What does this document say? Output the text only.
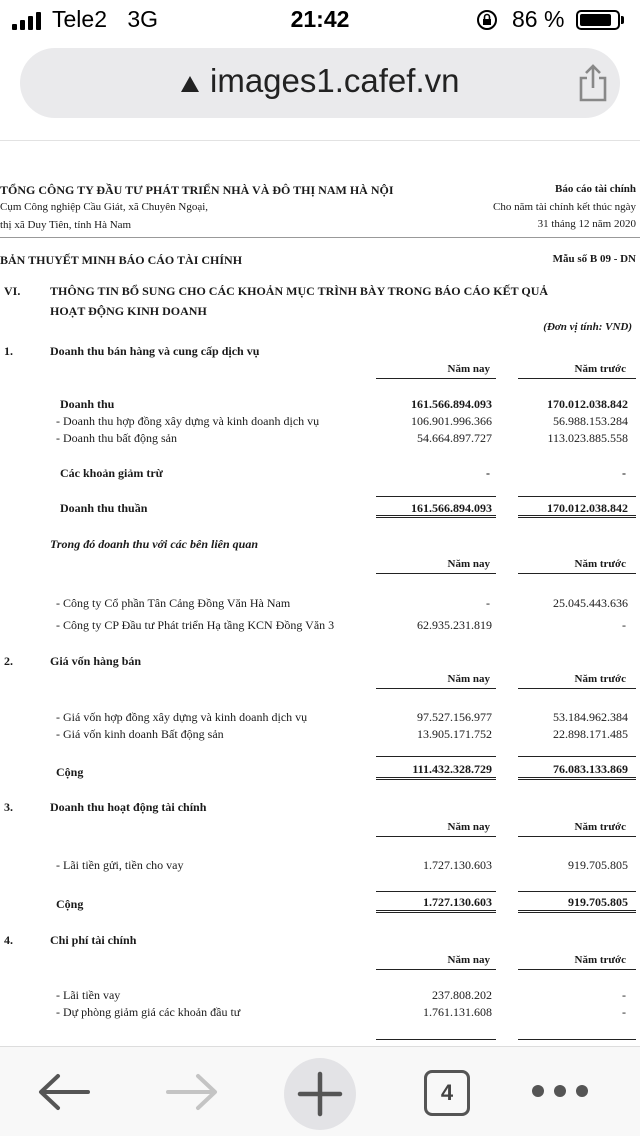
Tele2 3G	21:42	86 %
images1.cafef.vn
TỔNG CÔNG TY ĐẦU TƯ PHÁT TRIỂN NHÀ VÀ ĐÔ THỊ NAM HÀ NỘI
Cụm Công nghiệp Cầu Giát, xã Chuyên Ngoại,
thị xã Duy Tiên, tỉnh Hà Nam
Báo cáo tài chính
Cho năm tài chính kết thúc ngày
31 tháng 12 năm 2020
BẢN THUYẾT MINH BÁO CÁO TÀI CHÍNH	Mẫu số B 09 - DN
VI. THÔNG TIN BỔ SUNG CHO CÁC KHOẢN MỤC TRÌNH BÀY TRONG BÁO CÁO KẾT QUẢ
HOẠT ĐỘNG KINH DOANH
(Đơn vị tính: VND)
1.	Doanh thu bán hàng và cung cấp dịch vụ
Năm nay	Năm trước
Doanh thu	161.566.894.093	170.012.038.842
- Doanh thu hợp đồng xây dựng và kinh doanh dịch vụ	106.901.996.366	56.988.153.284
- Doanh thu bất động sản	54.664.897.727	113.023.885.558
Các khoản giảm trừ	-	-
Doanh thu thuần	161.566.894.093	170.012.038.842
Trong đó doanh thu với các bên liên quan
Năm nay	Năm trước
- Công ty Cổ phần Tân Cảng Đồng Văn Hà Nam	-	25.045.443.636
- Công ty CP Đầu tư Phát triển Hạ tầng KCN Đồng Văn 3	62.935.231.819	-
2.	Giá vốn hàng bán
Năm nay	Năm trước
- Giá vốn hợp đồng xây dựng và kinh doanh dịch vụ	97.527.156.977	53.184.962.384
- Giá vốn kinh doanh Bất động sản	13.905.171.752	22.898.171.485
Cộng	111.432.328.729	76.083.133.869
3.	Doanh thu hoạt động tài chính
Năm nay	Năm trước
- Lãi tiền gửi, tiền cho vay	1.727.130.603	919.705.805
Cộng	1.727.130.603	919.705.805
4.	Chi phí tài chính
Năm nay	Năm trước
- Lãi tiền vay	237.808.202	-
- Dự phòng giảm giá các khoản đầu tư	1.761.131.608	-
4
